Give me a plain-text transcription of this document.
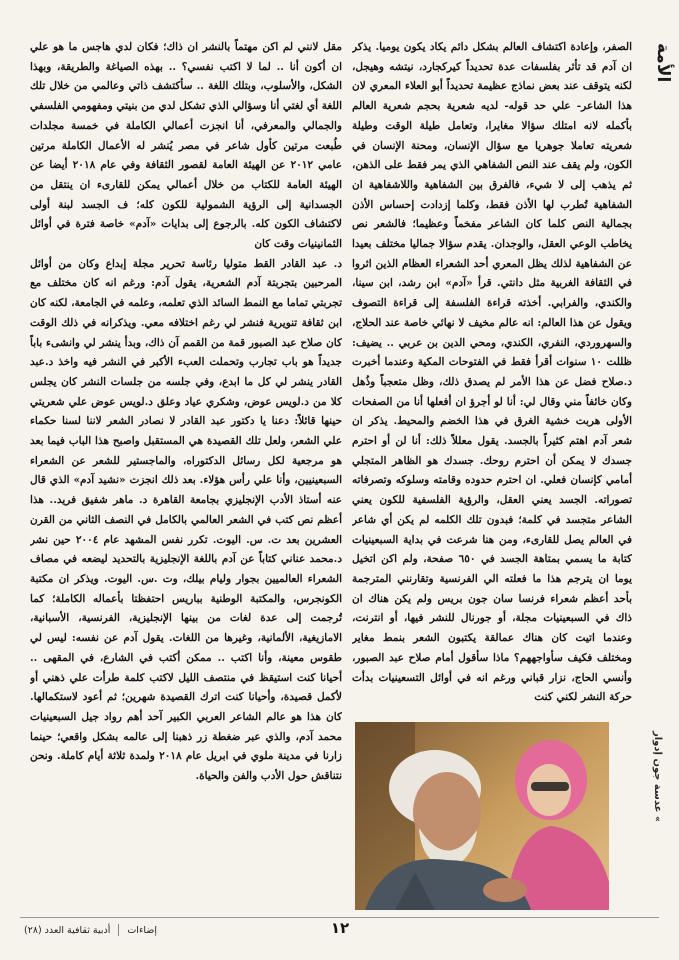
الأمة

الصفر، وإعادة اكتشاف العالم بشكل دائم يكاد يكون يوميا. يذكر ان آدم قد تأثر بفلسفات عدة تحديداً كيركجارد، نيتشه وهيجل، لكنه يتوقف عند بعض نماذج عظيمة تحديداً أبو العلاء المعري لان هذا الشاعر- علي حد قوله- لديه شعرية بحجم شعرية العالم بأكمله لانه امتلك سؤالا مغايرا، وتعامل طيلة الوقت وطيلة شعريته تعاملا جوهريا مع سؤال الإنسان، ومحنة الإنسان في الكون، ولم يقف عند النص الشفاهي الذي يمر فقط على الذهن، ثم يذهب إلى لا شيء، فالفرق بين الشفاهية واللاشفاهية ان الشفاهية تُطرب لها الأذن فقط، وكلما إزدادت إحساس الأذن بجمالية النص كلما كان الشاعر مفخماً وعظيما؛ فالشعر نص يخاطب الوعي العقل، والوجدان. يقدم سؤالا جماليا مختلف بعيدا عن الشفاهية لذلك يظل المعري أحد الشعراء العظام الذين اثروا في الثقافة الغربية مثل دانتي. قرأ «آدم» ابن رشد، ابن سينا، والكندي، والفرابي. أخذته قراءة الفلسفة إلى قراءة التصوف ويقول عن هذا العالم: انه عالم مخيف لا نهائي خاصة عند الحلاج، والسهروردي، النفري، الكندي، ومحي الدين بن عربي .. يضيف: ظللت ١٠ سنوات أقرأ فقط في الفتوحات المكية وعندما أخبرت د.صلاح فضل عن هذا الأمر لم يصدق ذلك، وظل متعجباً وذُهل وكان خائفاً مني وقال لي: أنا لو أجرؤ ان أفعلها أنا من الصفحات الأولى هربت خشية الغرق في هذا الخضم والمحيط. يذكر ان شعر آدم اهتم كثيراً بالجسد. يقول معللاً ذلك: أنا لن أو احترم جسدك لا يمكن أن احترم روحك. جسدك هو الظاهر المتجلي أمامي كإنسان فعلي. ان احترم حدوده وقامته وسلوكه وتصرفاته تصوراته. الجسد يعني العقل، والرؤية الفلسفية للكون يعني الشاعر متجسد في كلمة؛ فبدون تلك الكلمه لم يكن أي شاعر في العالم يصل للقارىء، ومن هنا شرعت في بداية السبعينيات كتابة ما يسمي بمتاهة الجسد في ٦٥٠ صفحة، ولم اكن اتخيل يوما ان يترجم هذا ما فعلته الي الفرنسية وتقارنني المترجمة بأحد أعظم شعراء فرنسا سان جون بريس ولم يكن هناك ان ذاك في السبعينيات مجلة، أو جورنال للنشر فيها، أو انترنت، وعندما اتيت كان هناك عمالقة يكتبون الشعر بنمط مغاير ومختلف فكيف سأواجههم؟ ماذا سأقول أمام صلاح عبد الصبور، وأنسي الحاج، نزار قباني ورغم انه في أوائل التسعينيات بدأت حركة النشر لكني كنت

مقل لانني لم اكن مهتماً بالنشر ان ذاك؛ فكان لدي هاجس ما هو علي ان أكون أنا .. لما لا اكتب نفسي؟ .. بهذه الصياغة والطريقة، وبهذا الشكل، والأسلوب، وبتلك اللغة .. سأكتشف ذاتي وعالمي من خلال تلك اللغة أي لغتي أنا وسؤالي الذي تشكل لدي من بنيتي ومفهومي الفلسفي والجمالي والمعرفي، أنا انجزت أعمالي الكاملة في خمسة مجلدات طُبعت مرتين كأول شاعر في مصر يُنشر له الأعمال الكاملة مرتين عامي ٢٠١٢ عن الهيئة العامة لقصور الثقافة وفي عام ٢٠١٨ أيضا عن الهيئة العامة للكتاب من خلال أعمالي يمكن للقارىء ان ينتقل من الجسدانية إلى الرؤية الشمولية للكون كله؛ ف الجسد لبنة أولى لاكتشاف الكون كله. بالرجوع إلى بدايات «آدم» خاصة فترة في أوائل الثمانينيات وقت كان

د. عبد القادر القط متوليا رئاسة تحرير مجلة إبداع وكان من أوائل المرحبين بتجربتة آدم الشعرية، يقول آدم: ورغم انه كان مختلف مع تجربتي تماما مع النمط السائد الذي تعلمه، وعلمه في الجامعة، لكنه كان ابن ثقافة تنويرية فنشر لي رغم اختلافه معي. ويذكرانه في ذلك الوقت كان صلاح عبد الصبور قمة من القمم آن ذاك، وبدأ ينشر لي وانشىء باباً جديداً هو باب تجارب وتحملت العبء الأكبر في النشر فيه واخذ د.عبد القادر ينشر لي كل ما ابدع، وفي جلسه من جلسات النشر كان يجلس كلا من د.لويس عوض، وشكري عياد وعلق د.لويس عوض علي شعريتي حينها قائلاً: دعنا يا دكتور عبد القادر لا نصادر الشعر لاننا لسنا حكماء علي الشعر، ولعل تلك القصيدة هي المستقبل واصبح هذا الباب فيما بعد هو مرجعية لكل رسائل الدكتوراه، والماجستير للشعر عن الشعراء السبعينيين، وأنا علي رأس هؤلاء. بعد ذلك انجزت «نشيد آدم» الذي قال عنه أستاذ الأدب الإنجليزي بجامعة القاهرة د. ماهر شفيق فريد.. هذا أعظم نص كتب في الشعر العالمي بالكامل في النصف الثاني من القرن العشرين بعد ت. س. اليوت. تكرر نفس المشهد عام ٢٠٠٤ حين نشر د.محمد عناني كتاباً عن آدم باللغة الإنجليزية بالتحديد ليضعه في مصاف الشعراء العالميين بجوار وليام بيلك، وت .س. اليوت. ويذكر ان مكتبة الكونجرس، والمكتبة الوطنية بباريس احتفظتا بأعماله الكاملة؛ كما تُرجمت إلى عدة لغات من بينها الإنجليزية، الفرنسية، الأسبانية، الامازيغية، الألمانية، وغيرها من اللغات. يقول آدم عن نفسه: ليس لي طقوس معينة، وأنا اكتب .. ممكن أكتب في الشارع، في المقهى .. أحيانا كنت استيقظ في منتصف الليل لاكتب كلمة طرأت علي ذهني أو لأكمل قصيدة، وأحيانا كنت اترك القصيدة شهرين؛ ثم أعود لاستكمالها. كان هذا هو عالم الشاعر العربي الكبير آحد أهم رواد جيل السبعينيات محمد آدم، والذي عبر ضغطة زر ذهبنا إلى عالمه بشكل واقعي؛ حينما زارنا في مدينة ملوي في ابريل عام ٢٠١٨ ولمدة ثلاثة أيام كاملة. ونحن نتناقش حول الأدب والفن والحياة.

» عدسة جون إدوار
إضاءات
أدبية ثقافية العدد (٢٨)	١٢
